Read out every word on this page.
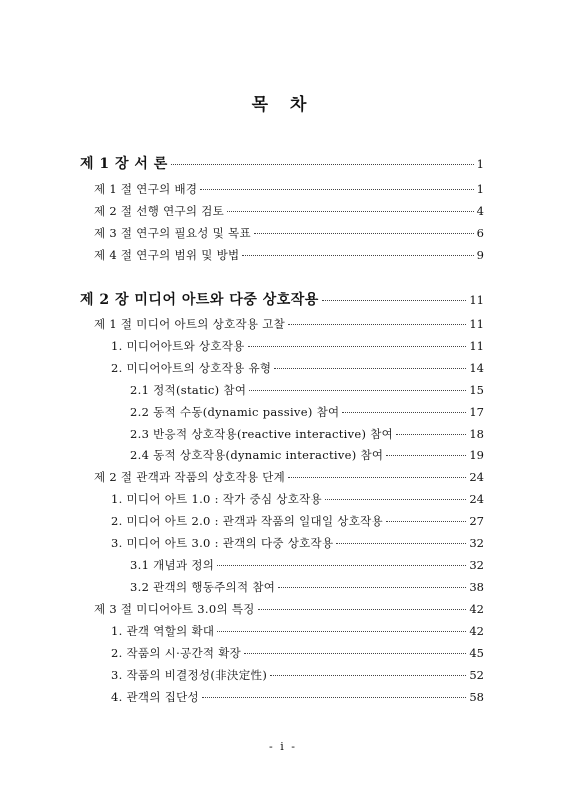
목 차
제 1 장 서 론	1
제 1 절 연구의 배경	1
제 2 절 선행 연구의 검토	4
제 3 절 연구의 필요성 및 목표	6
제 4 절 연구의 범위 및 방법	9
제 2 장 미디어 아트와 다중 상호작용	11
제 1 절 미디어 아트의 상호작용 고찰	11
1. 미디어아트와 상호작용	11
2. 미디어아트의 상호작용 유형	14
2.1 정적(static) 참여	15
2.2 동적 수동(dynamic passive) 참여	17
2.3 반응적 상호작용(reactive interactive) 참여	18
2.4 동적 상호작용(dynamic interactive) 참여	19
제 2 절 관객과 작품의 상호작용 단계	24
1. 미디어 아트 1.0 : 작가 중심 상호작용	24
2. 미디어 아트 2.0 : 관객과 작품의 일대일 상호작용	27
3. 미디어 아트 3.0 : 관객의 다중 상호작용	32
3.1 개념과 정의	32
3.2 관객의 행동주의적 참여	38
제 3 절 미디어아트 3.0의 특징	42
1. 관객 역할의 확대	42
2. 작품의 시·공간적 확장	45
3. 작품의 비결정성(非決定性)	52
4. 관객의 집단성	58
- i -
